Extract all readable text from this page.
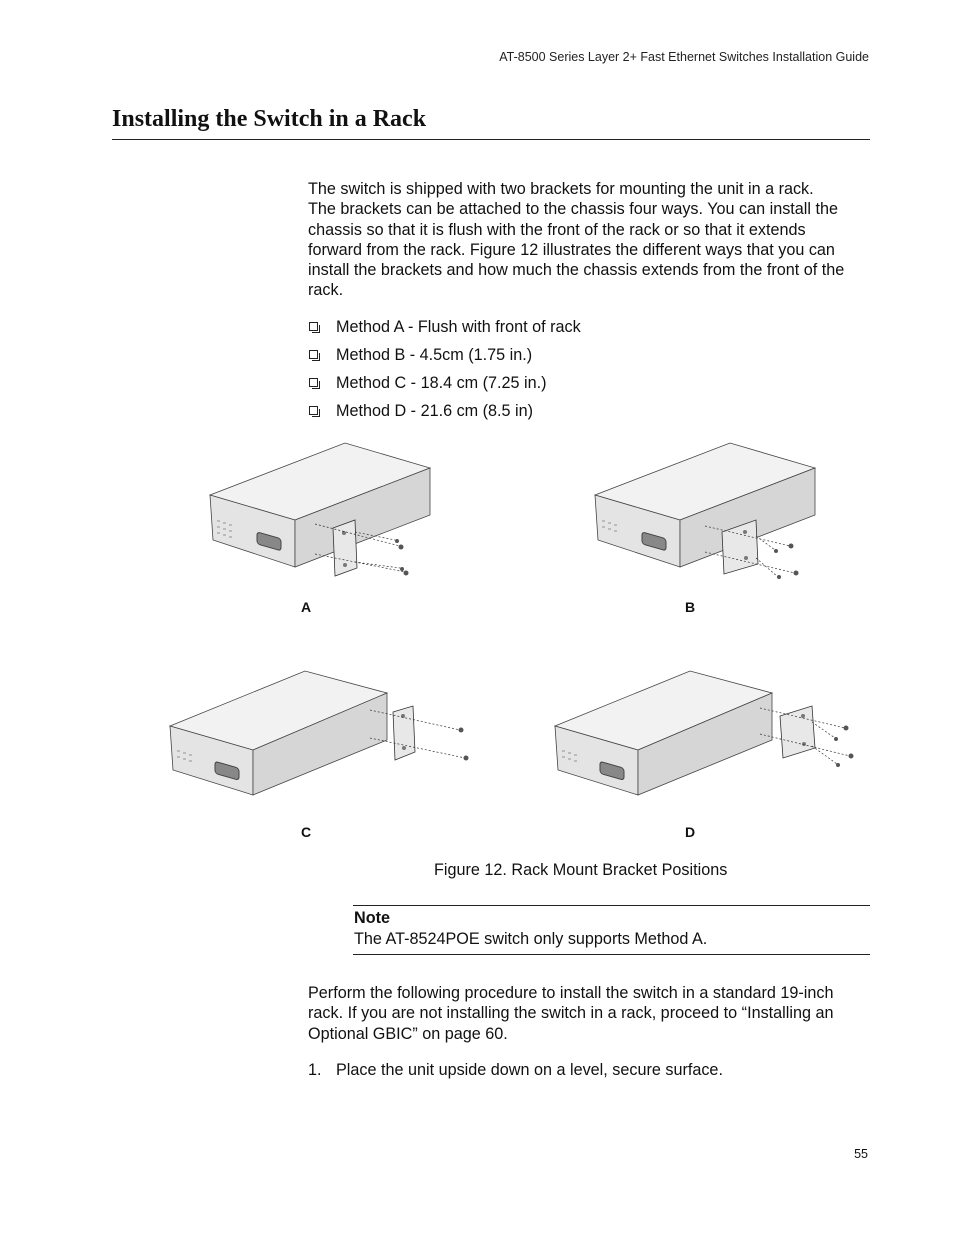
AT-8500 Series Layer 2+ Fast Ethernet Switches Installation Guide
Installing the Switch in a Rack
The switch is shipped with two brackets for mounting the unit in a rack.
The brackets can be attached to the chassis four ways. You can install the
chassis so that it is flush with the front of the rack or so that it extends
forward from the rack. Figure 12 illustrates the different ways that you can
install the brackets and how much the chassis extends from the front of the
rack.
Method A - Flush with front of rack
Method B - 4.5cm (1.75 in.)
Method C - 18.4 cm (7.25 in.)
Method D - 21.6 cm (8.5 in)
A	B
C	D
Figure 12. Rack Mount Bracket Positions
Note
The AT-8524POE switch only supports Method A.
Perform the following procedure to install the switch in a standard 19-inch
rack. If you are not installing the switch in a rack, proceed to “Installing an
Optional GBIC” on page 60.
1. Place the unit upside down on a level, secure surface.
55
